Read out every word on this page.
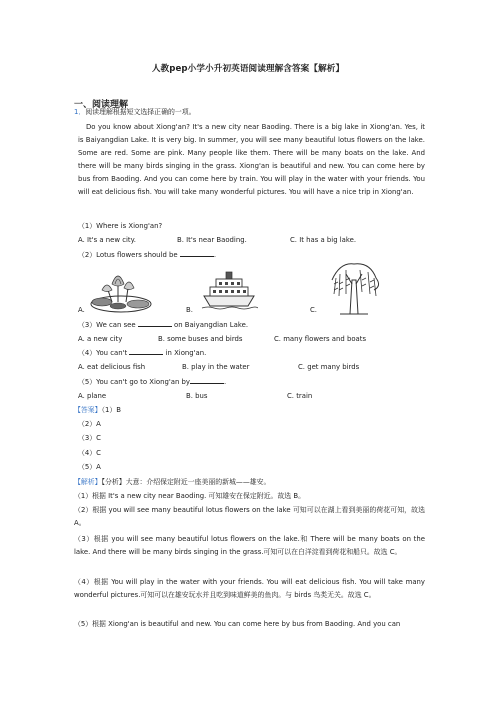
人教pep小学小升初英语阅读理解含答案【解析】
一、阅读理解
1．阅读理解根据短文选择正确的一项。
Do you know about Xiong'an? It's a new city near Baoding. There is a big lake in Xiong'an. Yes, it is Baiyangdian Lake. It is very big. In summer, you will see many beautiful lotus flowers on the lake. Some are red. Some are pink. Many people like them. There will be many boats on the lake. And there will be many birds singing in the grass. Xiong'an is beautiful and new. You can come here by bus from Baoding. And you can come here by train. You will play in the water with your friends. You will eat delicious fish. You will take many wonderful pictures. You will have a nice trip in Xiong'an.
（1）Where is Xiong'an?
A. It's a new city.	B. It's near Baoding.	C. It has a big lake.
（2）Lotus flowers should be	.
A.	B.	C.
（3）We can see	on Baiyangdian Lake.
A. a new city	B. some buses and birds	C. many flowers and boats
（4）You can't	in Xiong'an.
A. eat delicious fish	B. play in the water	C. get many birds
（5）You can't go to Xiong'an by	.
A. plane	B. bus	C. train
【答案】（1）B
（2）A
（3）C
（4）C
（5）A
【解析】【分析】大意：介绍保定附近一座美丽的新城——雄安。
（1）根据 It's a new city near Baoding. 可知雄安在保定附近。故选 B。
（2）根据 you will see many beautiful lotus flowers on the lake 可知可以在湖上看到美丽的荷花可知，故选 A。
（3）根据 you will see many beautiful lotus flowers on the lake.和 There will be many boats on the lake. And there will be many birds singing in the grass.可知可以在白洋淀看到荷花和船只。故选 C。
（4）根据 You will play in the water with your friends. You will eat delicious fish. You will take many wonderful pictures.可知可以在雄安玩水并且吃到味道鲜美的鱼肉。与 birds 鸟类无关。故选 C。
（5）根据 Xiong'an is beautiful and new. You can come here by bus from Baoding. And you can
